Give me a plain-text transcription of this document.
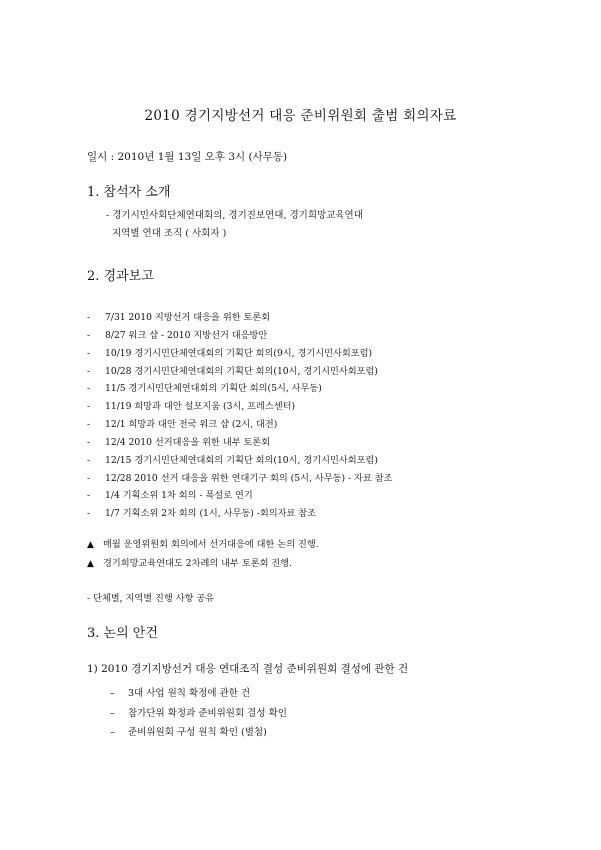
2010 경기지방선거 대응 준비위원회 출범 회의자료
일시 : 2010년 1월 13일 오후 3시 (사무동)
1. 참석자 소개
- 경기시민사회단체연대회의, 경기진보연대, 경기희망교육연대
지역별 연대 조직 ( 사회자 )
2. 경과보고
- 7/31 2010 지방선거 대응을 위한 토론회
- 8/27 워크 샵 - 2010 지방선거 대응방안
- 10/19 경기시민단체연대회의 기획단 회의(9시, 경기시민사회포럼)
- 10/28 경기시민단체연대회의 기획단 회의(10시, 경기시민사회포럼)
- 11/5 경기시민단체연대회의 기획단 회의(5시, 사무동)
- 11/19 희망과 대안 설포지움 (3시, 프레스센터)
- 12/1 희망과 대안 전국 워크 샵 (2시, 대전)
- 12/4 2010 선거대응을 위한 내부 토론회
- 12/15 경기시민단체연대회의 기획단 회의(10시, 경기시민사회포럼)
- 12/28 2010 선거 대응을 위한 연대기구 회의 (5시, 사무동) - 자료 참조
- 1/4 기획소위 1차 회의 - 폭설로 연기
- 1/7 기획소위 2차 회의 (1시, 사무동) -회의자료 참조
▲ 매월 운영위원회 회의에서 선거대응에 대한 논의 진행.
▲ 경기희망교육연대도 2차례의 내부 토론회 진행.
- 단체별, 지역별 진행 사항 공유
3. 논의 안건
1) 2010 경기지방선거 대응 연대조직 결성 준비위원회 결성에 관한 건
– 3대 사업 원칙 확정에 관한 건
– 참가단위 확정과 준비위원회 결성 확인
– 준비위원회 구성 원칙 확인 (별첨)
